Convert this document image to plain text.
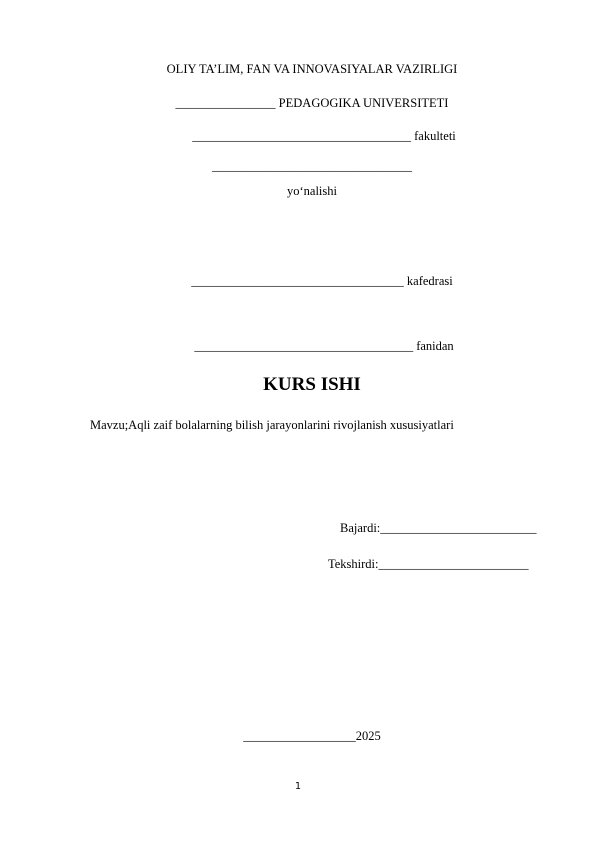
OLIY TA’LIM, FAN VA INNOVASIYALAR VAZIRLIGI
________________ PEDAGOGIKA UNIVERSITETI
___________________________________ fakulteti
________________________________
yo‘nalishi
__________________________________ kafedrasi
___________________________________ fanidan
KURS ISHI
Mavzu;Aqli zaif bolalarning bilish jarayonlarini rivojlanish xususiyatlari
Bajardi:_________________________
Tekshirdi:________________________
__________________2025
1
